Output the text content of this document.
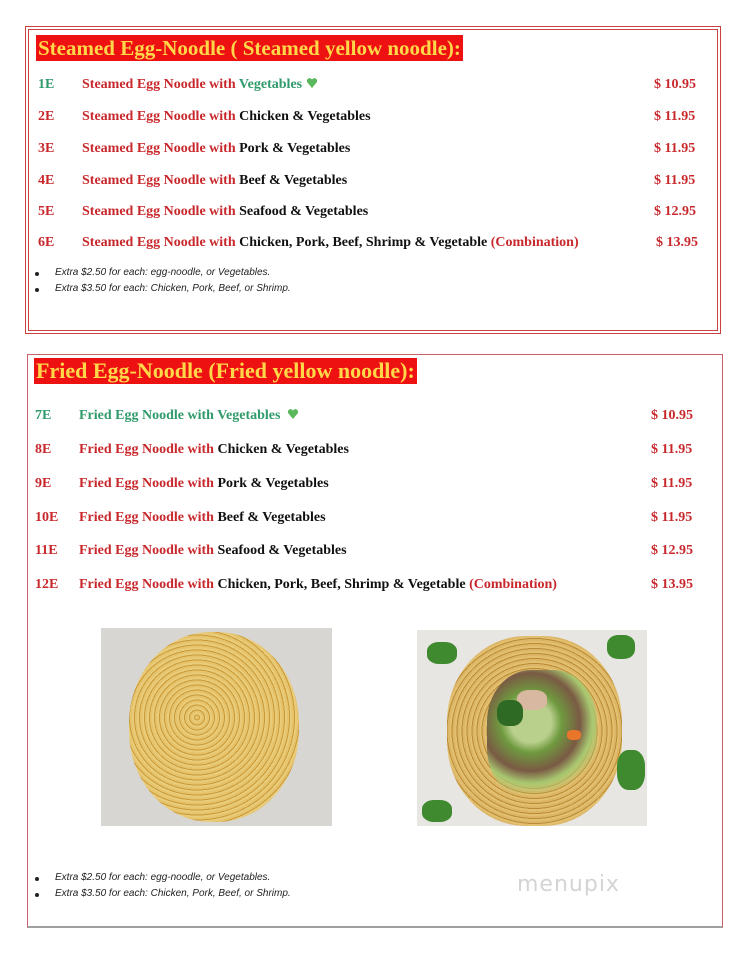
Steamed Egg-Noodle ( Steamed yellow noodle):
1E Steamed Egg Noodle with Vegetables	$ 10.95
2E Steamed Egg Noodle with Chicken & Vegetables	$ 11.95
3E Steamed Egg Noodle with Pork & Vegetables	$ 11.95
4E Steamed Egg Noodle with Beef & Vegetables	$ 11.95
5E Steamed Egg Noodle with Seafood & Vegetables	$ 12.95
6E Steamed Egg Noodle with Chicken, Pork, Beef, Shrimp & Vegetable (Combination)	$ 13.95
Extra $2.50 for each: egg-noodle, or Vegetables.
Extra $3.50 for each: Chicken, Pork, Beef, or Shrimp.
Fried Egg-Noodle (Fried yellow noodle):
7E Fried Egg Noodle with Vegetables	$ 10.95
8E Fried Egg Noodle with Chicken & Vegetables	$ 11.95
9E Fried Egg Noodle with Pork & Vegetables	$ 11.95
10E Fried Egg Noodle with Beef & Vegetables	$ 11.95
11E Fried Egg Noodle with Seafood & Vegetables	$ 12.95
12E Fried Egg Noodle with Chicken, Pork, Beef, Shrimp & Vegetable (Combination)	$ 13.95
Extra $2.50 for each: egg-noodle, or Vegetables.
Extra $3.50 for each: Chicken, Pork, Beef, or Shrimp.	menupix
